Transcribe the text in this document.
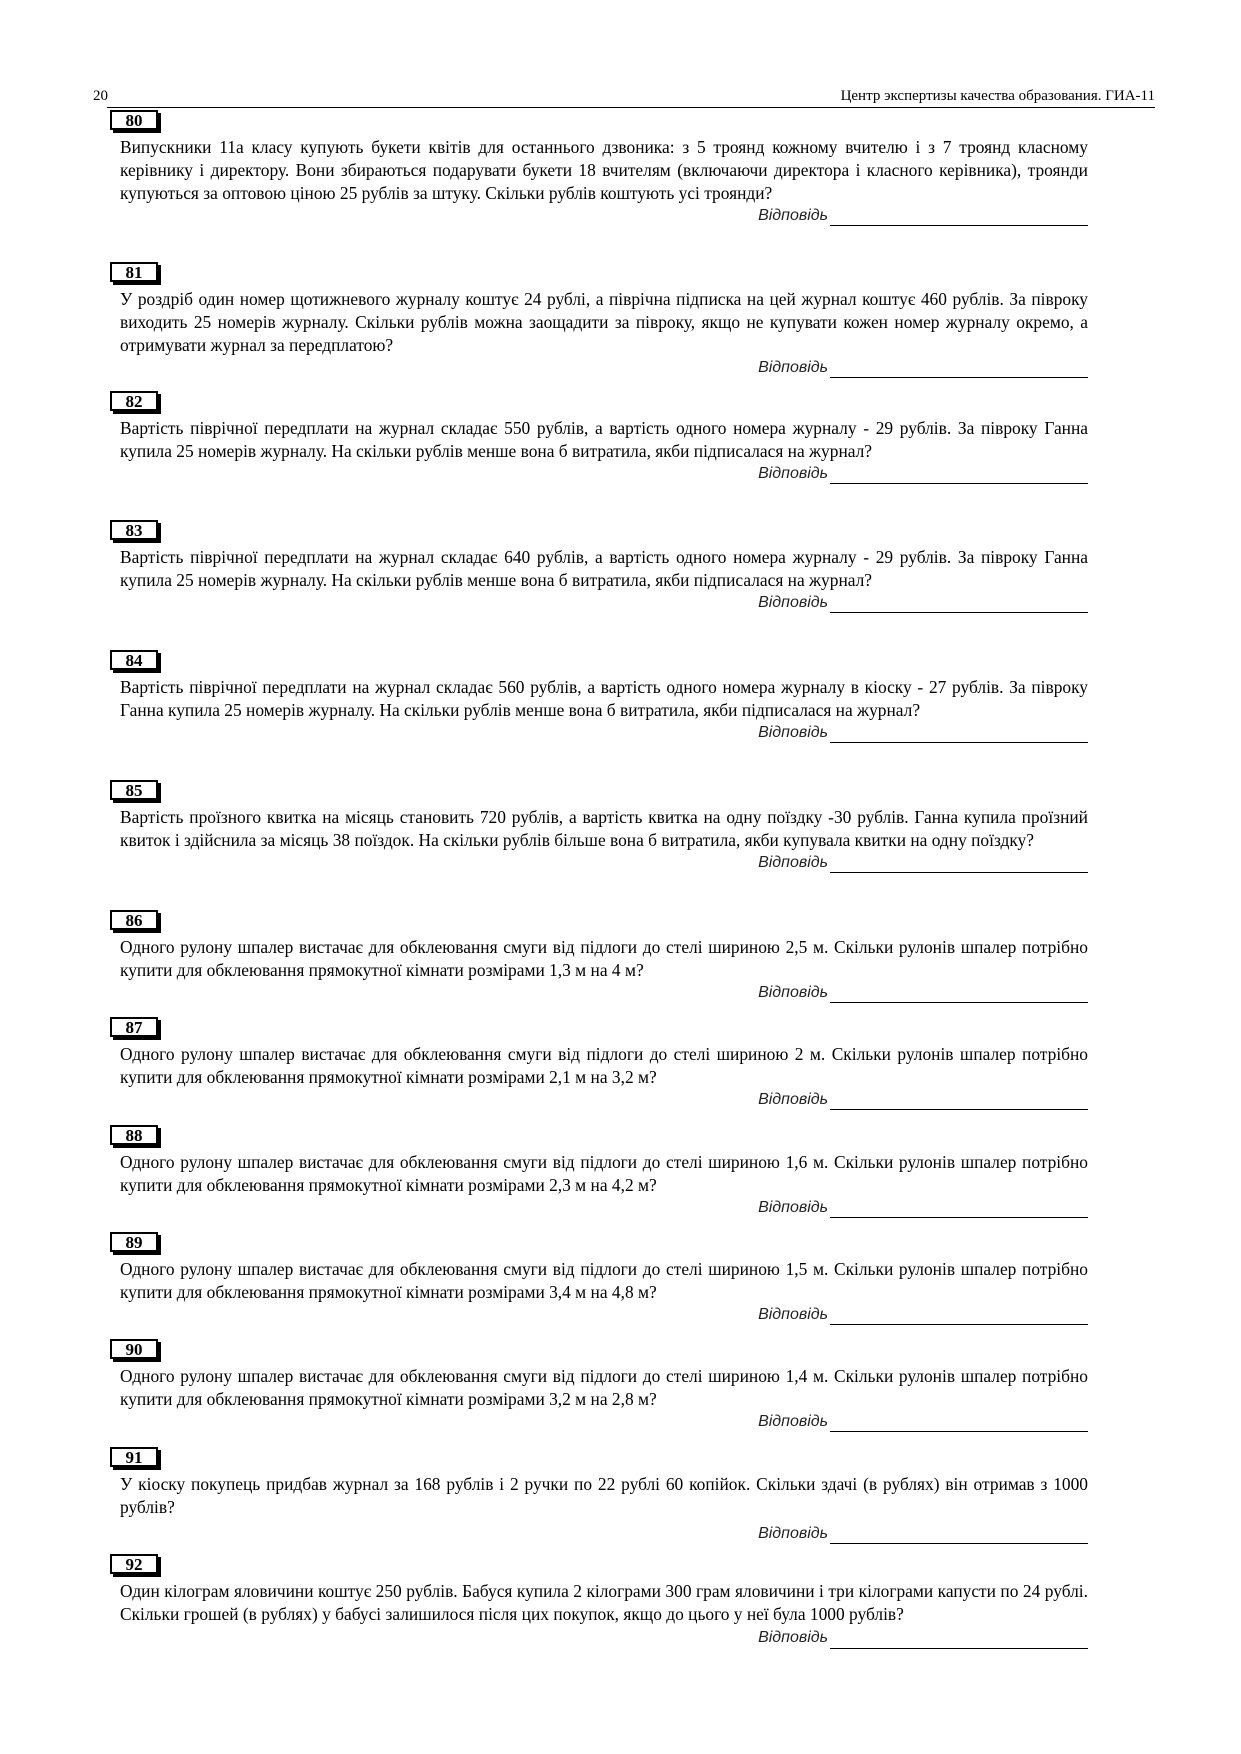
20	Центр экспертизы качества образования. ГИА-11
80
Випускники 11а класу купують букети квітів для останнього дзвоника: з 5 троянд кожному вчителю і з 7 троянд класному керівнику і директору. Вони збираються подарувати букети 18 вчителям (включаючи директора і класного керівника), троянди купуються за оптовою ціною 25 рублів за штуку. Скільки рублів коштують усі троянди?
Відповідь
81
У роздріб один номер щотижневого журналу коштує 24 рублі, а піврічна підписка на цей журнал коштує 460 рублів. За півроку виходить 25 номерів журналу. Скільки рублів можна заощадити за півроку, якщо не купувати кожен номер журналу окремо, а отримувати журнал за передплатою?
Відповідь
82
Вартість піврічної передплати на журнал складає 550 рублів, а вартість одного номера журналу - 29 рублів. За півроку Ганна купила 25 номерів журналу. На скільки рублів менше вона б витратила, якби підписалася на журнал?
Відповідь
83
Вартість піврічної передплати на журнал складає 640 рублів, а вартість одного номера журналу - 29 рублів. За півроку Ганна купила 25 номерів журналу. На скільки рублів менше вона б витратила, якби підписалася на журнал?
Відповідь
84
Вартість піврічної передплати на журнал складає 560 рублів, а вартість одного номера журналу в кіоску - 27 рублів. За півроку Ганна купила 25 номерів журналу. На скільки рублів менше вона б витратила, якби підписалася на журнал?
Відповідь
85
Вартість проїзного квитка на місяць становить 720 рублів, а вартість квитка на одну поїздку -30 рублів. Ганна купила проїзний квиток і здійснила за місяць 38 поїздок. На скільки рублів більше вона б витратила, якби купувала квитки на одну поїздку?
Відповідь
86
Одного рулону шпалер вистачає для обклеювання смуги від підлоги до стелі шириною 2,5 м. Скільки рулонів шпалер потрібно купити для обклеювання прямокутної кімнати розмірами 1,3 м на 4 м?
Відповідь
87
Одного рулону шпалер вистачає для обклеювання смуги від підлоги до стелі шириною 2 м. Скільки рулонів шпалер потрібно купити для обклеювання прямокутної кімнати розмірами 2,1 м на 3,2 м?
Відповідь
88
Одного рулону шпалер вистачає для обклеювання смуги від підлоги до стелі шириною 1,6 м. Скільки рулонів шпалер потрібно купити для обклеювання прямокутної кімнати розмірами 2,3 м на 4,2 м?
Відповідь
89
Одного рулону шпалер вистачає для обклеювання смуги від підлоги до стелі шириною 1,5 м. Скільки рулонів шпалер потрібно купити для обклеювання прямокутної кімнати розмірами 3,4 м на 4,8 м?
Відповідь
90
Одного рулону шпалер вистачає для обклеювання смуги від підлоги до стелі шириною 1,4 м. Скільки рулонів шпалер потрібно купити для обклеювання прямокутної кімнати розмірами 3,2 м на 2,8 м?
Відповідь
91
У кіоску покупець придбав журнал за 168 рублів і 2 ручки по 22 рублі 60 копійок. Скільки здачі (в рублях) він отримав з 1000 рублів?
Відповідь
92
Один кілограм яловичини коштує 250 рублів. Бабуся купила 2 кілограми 300 грам яловичини і три кілограми капусти по 24 рублі. Скільки грошей (в рублях) у бабусі залишилося після цих покупок, якщо до цього у неї була 1000 рублів?
Відповідь
